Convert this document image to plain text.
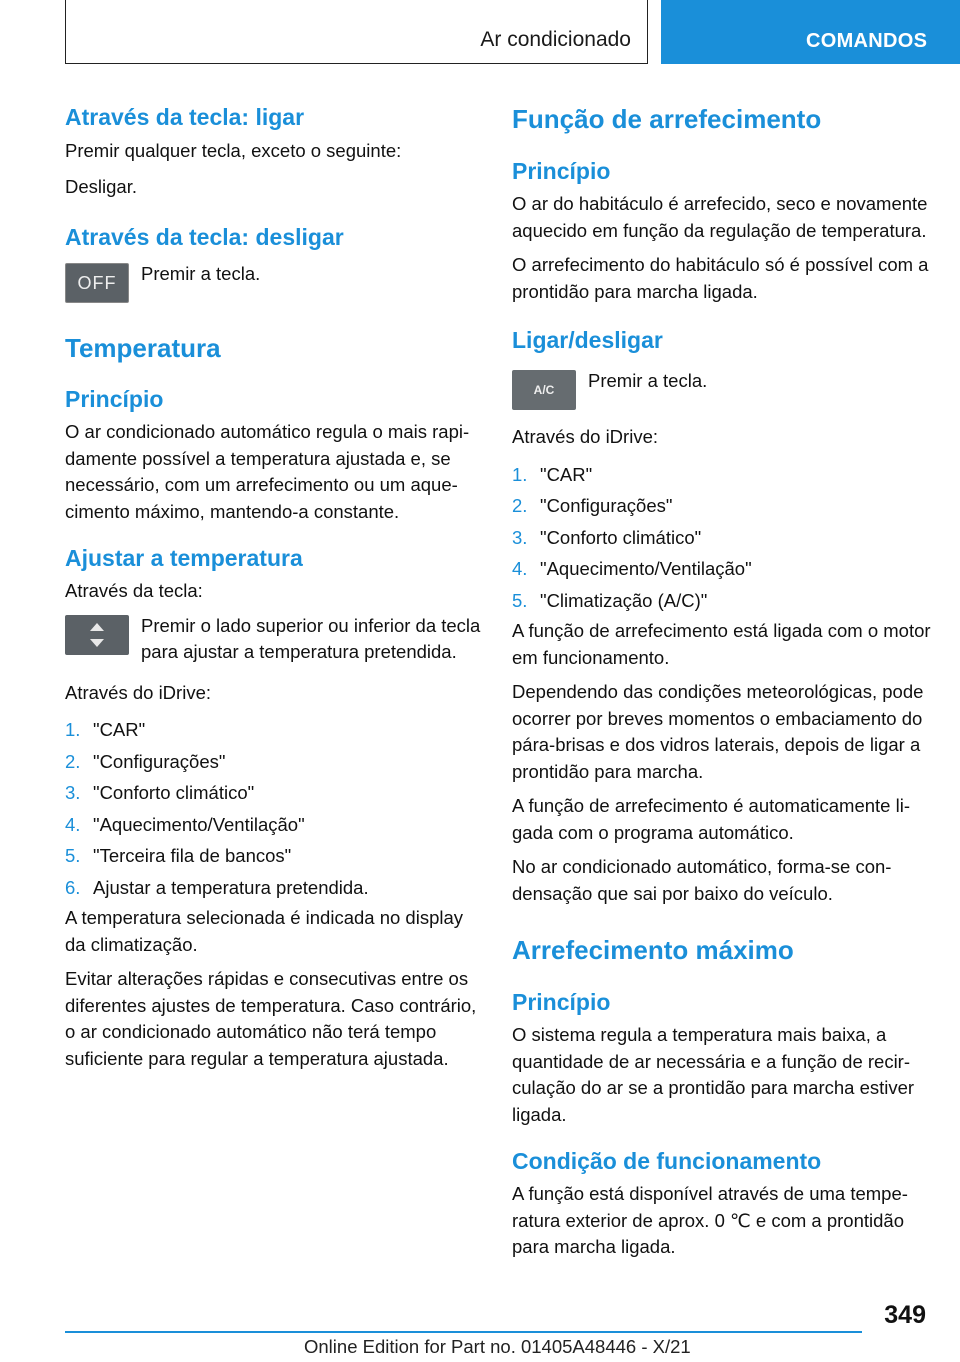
Ar condicionado	COMANDOS
Através da tecla: ligar

Premir qualquer tecla, exceto o seguinte:

Desligar.

Através da tecla: desligar
OFF	Premir a tecla.

Temperatura
Princípio

O ar condicionado automático regula o mais rapidamente possível a temperatura ajustada e, se necessário, com um arrefecimento ou um aquecimento máximo, mantendo-a constante.

Ajustar a temperatura

Através da tecla:

Premir o lado superior ou inferior da tecla para ajustar a temperatura pretendida.

Através do iDrive:

1. "CAR"
2. "Configurações"
3. "Conforto climático"
4. "Aquecimento/Ventilação"
5. "Terceira fila de bancos"
6. Ajustar a temperatura pretendida.

A temperatura selecionada é indicada no display da climatização.

Evitar alterações rápidas e consecutivas entre os diferentes ajustes de temperatura. Caso contrário, o ar condicionado automático não terá tempo suficiente para regular a temperatura ajustada.

Função de arrefecimento
Princípio

O ar do habitáculo é arrefecido, seco e novamente aquecido em função da regulação de temperatura.

O arrefecimento do habitáculo só é possível com a prontidão para marcha ligada.

Ligar/desligar
A/C	Premir a tecla.

Através do iDrive:

1. "CAR"
2. "Configurações"
3. "Conforto climático"
4. "Aquecimento/Ventilação"
5. "Climatização (A/C)"

A função de arrefecimento está ligada com o motor em funcionamento.

Dependendo das condições meteorológicas, pode ocorrer por breves momentos o embaciamento do pára-brisas e dos vidros laterais, depois de ligar a prontidão para marcha.

A função de arrefecimento é automaticamente ligada com o programa automático.

No ar condicionado automático, forma-se condensação que sai por baixo do veículo.

Arrefecimento máximo
Princípio

O sistema regula a temperatura mais baixa, a quantidade de ar necessária e a função de recirculação do ar se a prontidão para marcha estiver ligada.

Condição de funcionamento

A função está disponível através de uma temperatura exterior de aprox. 0 ℃ e com a prontidão para marcha ligada.

349
Online Edition for Part no. 01405A48446 - X/21
